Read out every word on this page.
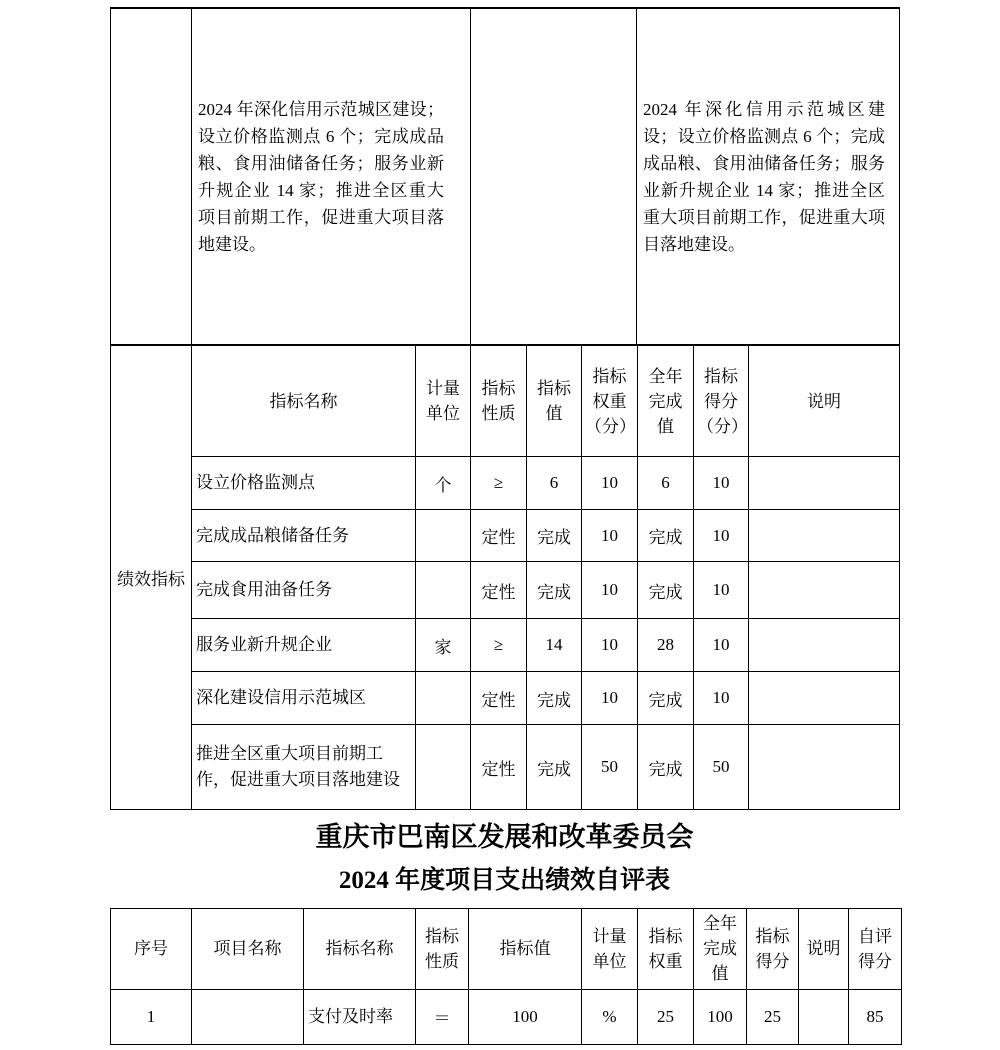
	2024 年深化信用示范城区建设；设立价格监测点 6 个；完成成品粮、食用油储备任务；服务业新升规企业 14 家；推进全区重大项目前期工作，促进重大项目落地建设。		2024 年深化信用示范城区建设；设立价格监测点 6 个；完成成品粮、食用油储备任务；服务业新升规企业 14 家；推进全区重大项目前期工作，促进重大项目落地建设。
绩效指标	指标名称	计量单位	指标性质	指标值	指标权重（分）	全年完成值	指标得分（分）	说明
	设立价格监测点	个	≥	6	10	6	10	
	完成成品粮储备任务		定性	完成	10	完成	10	
	完成食用油备任务		定性	完成	10	完成	10	
	服务业新升规企业	家	≥	14	10	28	10	
	深化建设信用示范城区		定性	完成	10	完成	10	
	推进全区重大项目前期工作，促进重大项目落地建设		定性	完成	50	完成	50	
重庆市巴南区发展和改革委员会
2024 年度项目支出绩效自评表
序号	项目名称	指标名称	指标性质	指标值	计量单位	指标权重	全年完成值	指标得分	说明	自评得分
1		支付及时率	＝	100	%	25	100	25		85
